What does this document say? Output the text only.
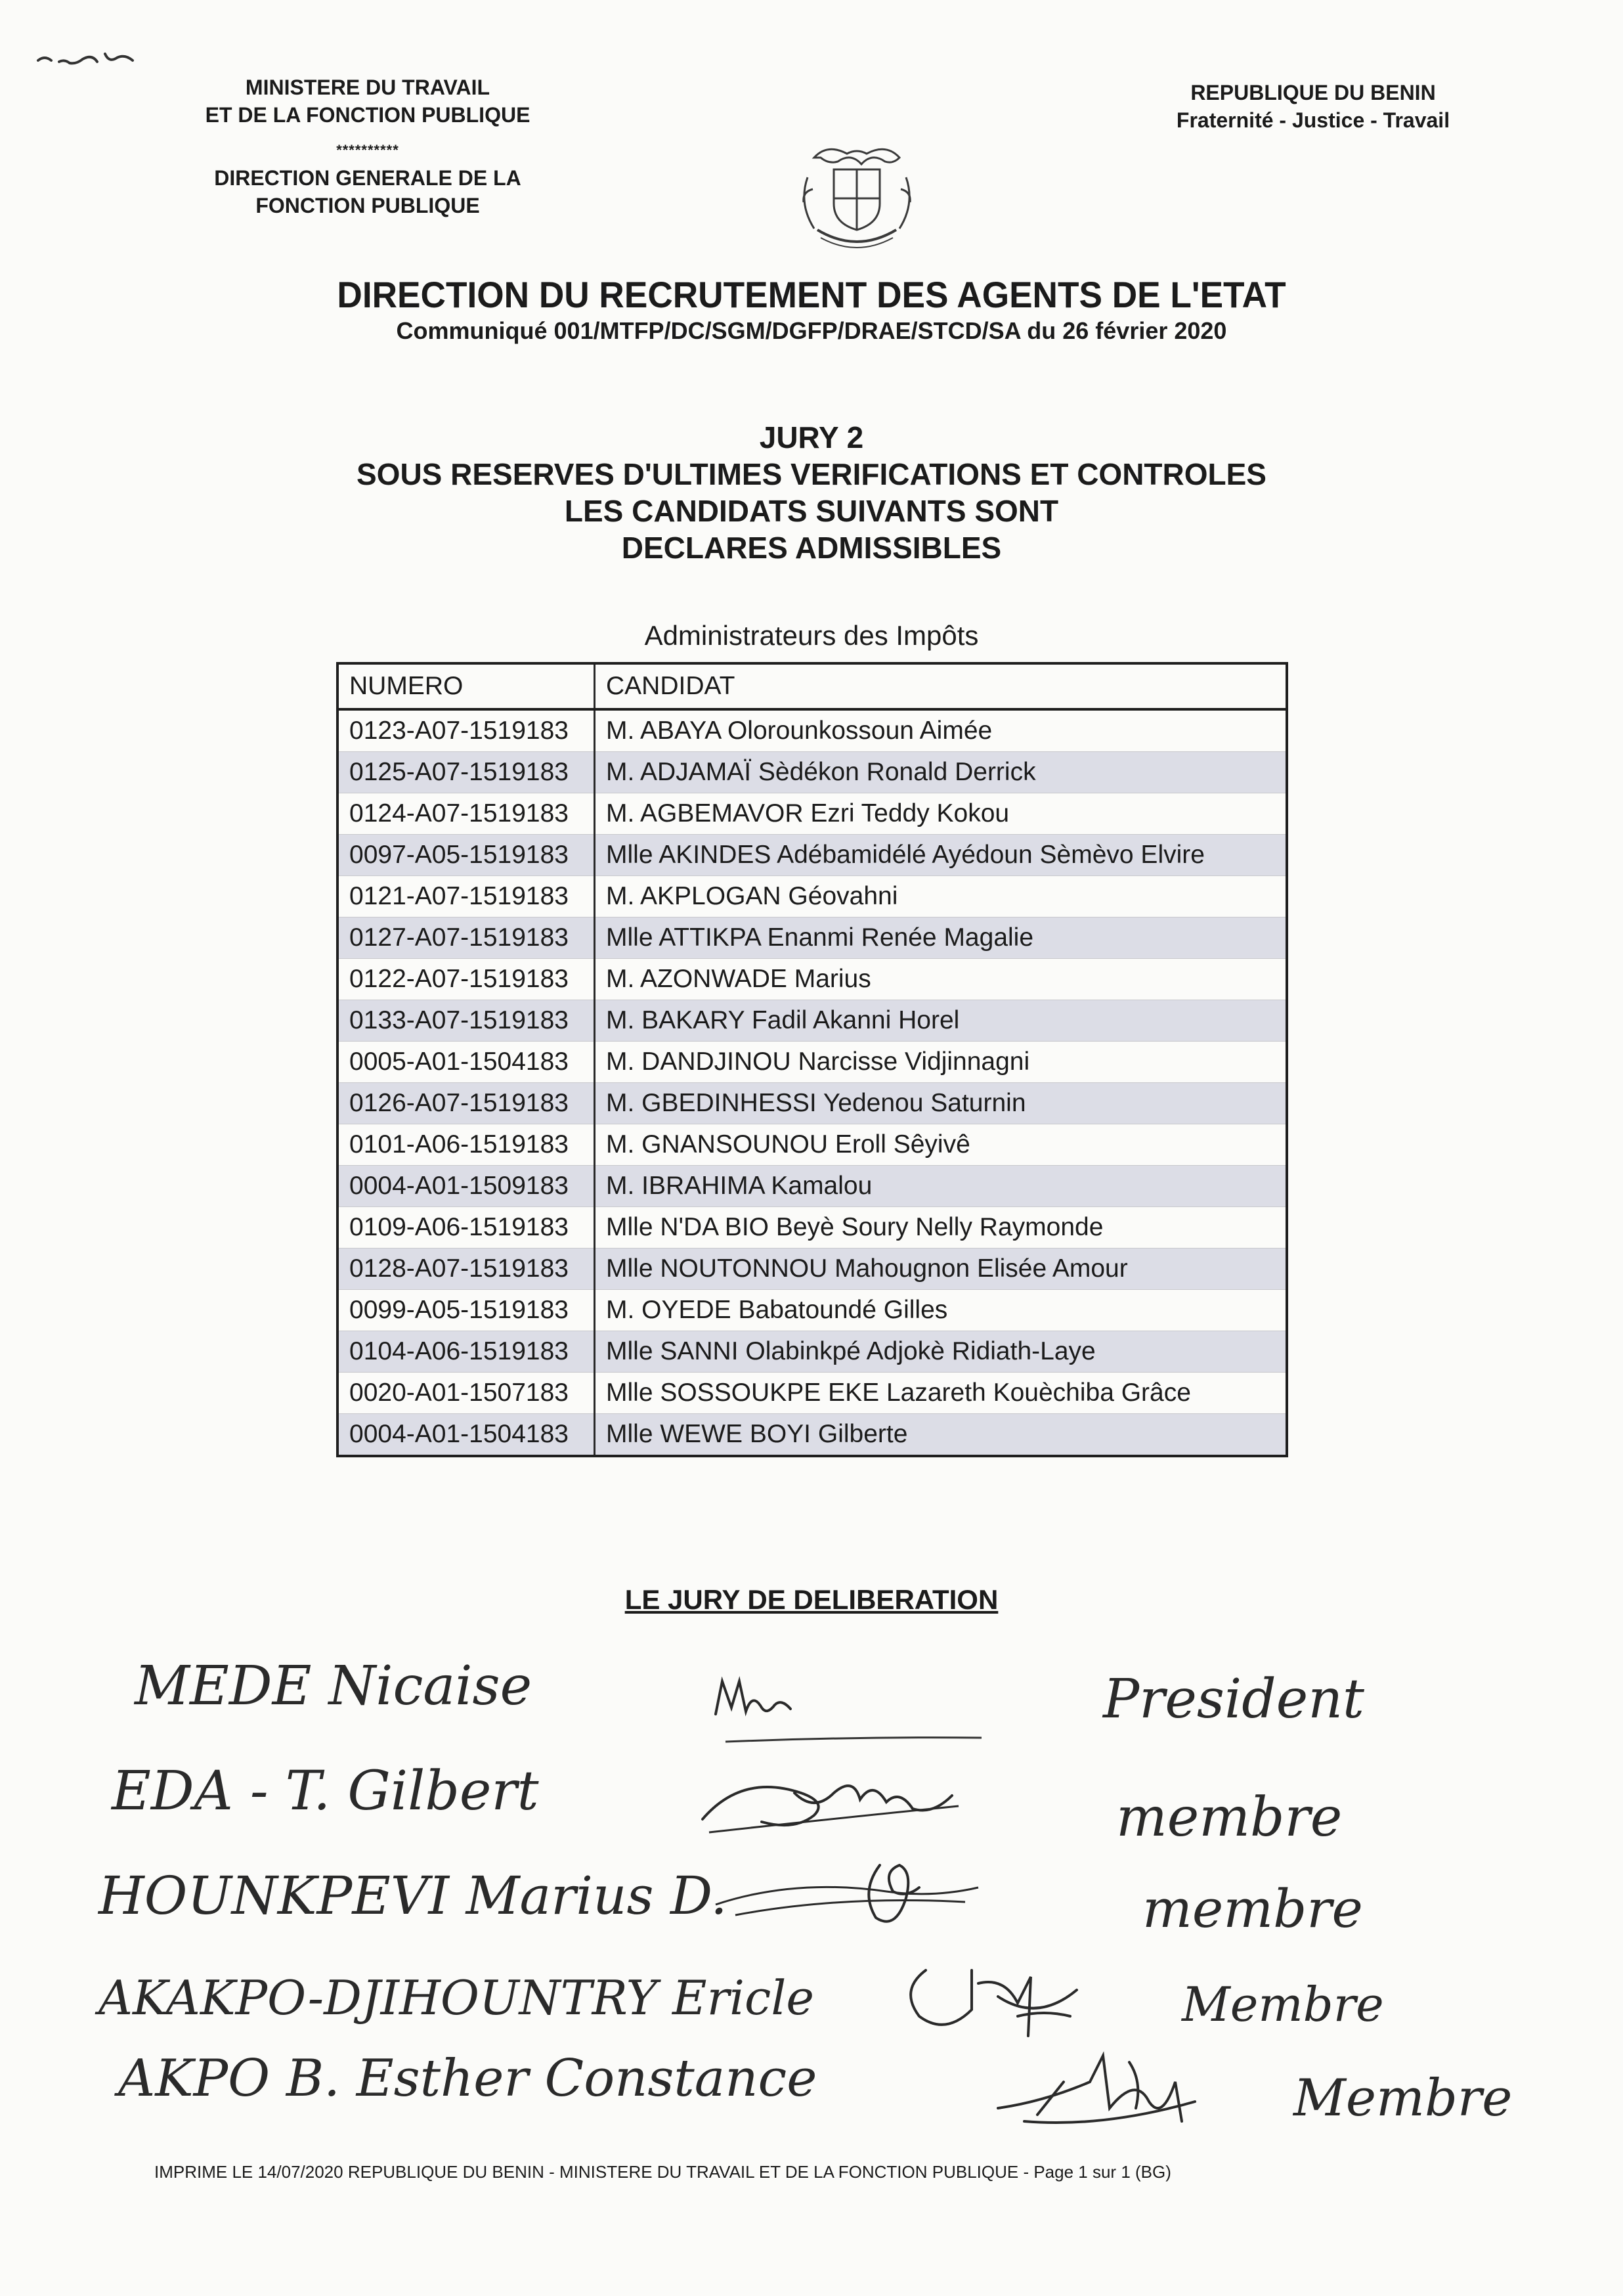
MINISTERE DU TRAVAIL
ET DE LA FONCTION PUBLIQUE
**********
DIRECTION GENERALE DE LA
FONCTION PUBLIQUE
REPUBLIQUE DU BENIN
Fraternité - Justice - Travail
DIRECTION DU RECRUTEMENT DES AGENTS DE L'ETAT
Communiqué 001/MTFP/DC/SGM/DGFP/DRAE/STCD/SA du 26 février 2020
JURY 2
SOUS RESERVES D'ULTIMES VERIFICATIONS ET CONTROLES
LES CANDIDATS SUIVANTS SONT
DECLARES ADMISSIBLES
Administrateurs des Impôts
NUMERO	CANDIDAT
0123-A07-1519183	M. ABAYA Olorounkossoun Aimée
0125-A07-1519183	M. ADJAMAÏ Sèdékon Ronald Derrick
0124-A07-1519183	M. AGBEMAVOR Ezri Teddy Kokou
0097-A05-1519183	Mlle AKINDES Adébamidélé Ayédoun Sèmèvo Elvire
0121-A07-1519183	M. AKPLOGAN Géovahni
0127-A07-1519183	Mlle ATTIKPA Enanmi Renée Magalie
0122-A07-1519183	M. AZONWADE Marius
0133-A07-1519183	M. BAKARY Fadil Akanni Horel
0005-A01-1504183	M. DANDJINOU Narcisse Vidjinnagni
0126-A07-1519183	M. GBEDINHESSI Yedenou Saturnin
0101-A06-1519183	M. GNANSOUNOU Eroll Sêyivê
0004-A01-1509183	M. IBRAHIMA Kamalou
0109-A06-1519183	Mlle N'DA BIO Beyè Soury Nelly Raymonde
0128-A07-1519183	Mlle NOUTONNOU Mahougnon Elisée Amour
0099-A05-1519183	M. OYEDE Babatoundé Gilles
0104-A06-1519183	Mlle SANNI Olabinkpé Adjokè Ridiath-Laye
0020-A01-1507183	Mlle SOSSOUKPE EKE Lazareth Kouèchiba Grâce
0004-A01-1504183	Mlle WEWE BOYI Gilberte
LE JURY DE DELIBERATION
MEDE Nicaise	President
EDA - T. Gilbert	membre
HOUNKPEVI Marius D.	membre
AKAKPO-DJIHOUNTRY Ericle	Membre
AKPO B. Esther Constance	Membre
IMPRIME LE 14/07/2020 REPUBLIQUE DU BENIN - MINISTERE DU TRAVAIL ET DE LA FONCTION PUBLIQUE - Page 1 sur 1 (BG)
